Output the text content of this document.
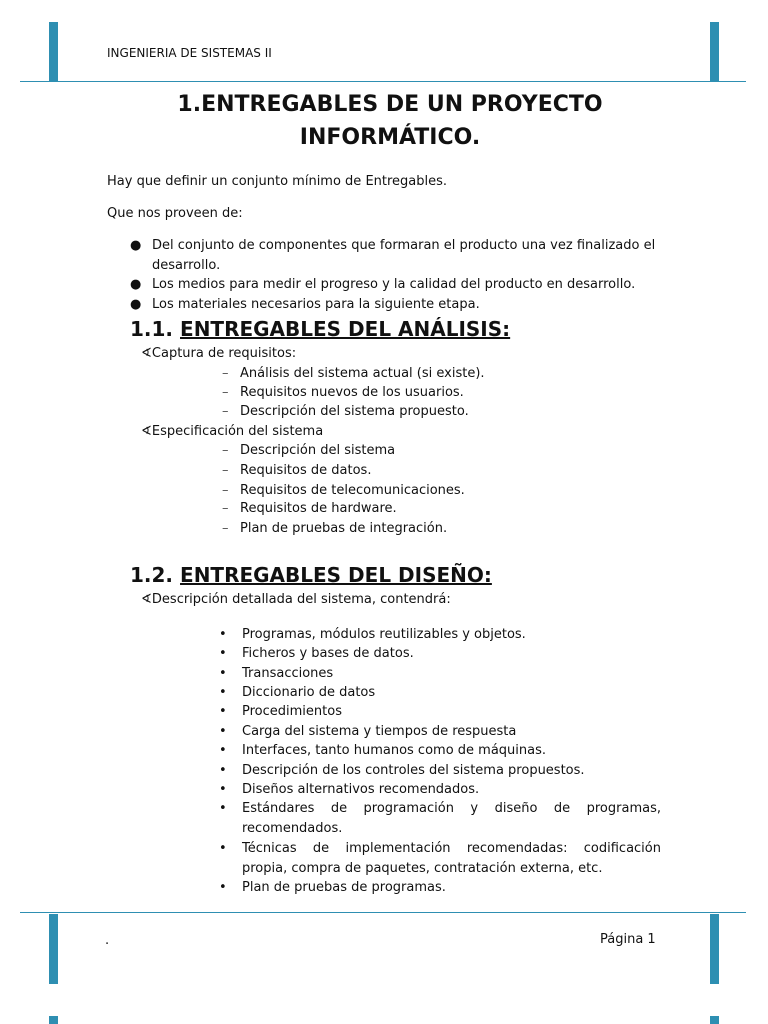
INGENIERIA DE SISTEMAS II
1.ENTREGABLES DE UN PROYECTO
INFORMÁTICO.
Hay que definir un conjunto mínimo de Entregables.
Que nos proveen de:
● Del conjunto de componentes que formaran el producto una vez finalizado el desarrollo.
● Los medios para medir el progreso y la calidad del producto en desarrollo.
● Los materiales necesarios para la siguiente etapa.
1.1. ENTREGABLES DEL ANÁLISIS:
∢Captura de requisitos:
– Análisis del sistema actual (si existe).
– Requisitos nuevos de los usuarios.
– Descripción del sistema propuesto.
∢Especificación del sistema
– Descripción del sistema
– Requisitos de datos.
– Requisitos de telecomunicaciones.
– Requisitos de hardware.
– Plan de pruebas de integración.
1.2. ENTREGABLES DEL DISEÑO:
∢Descripción detallada del sistema, contendrá:
• Programas, módulos reutilizables y objetos.
• Ficheros y bases de datos.
• Transacciones
• Diccionario de datos
• Procedimientos
• Carga del sistema y tiempos de respuesta
• Interfaces, tanto humanos como de máquinas.
• Descripción de los controles del sistema propuestos.
• Diseños alternativos recomendados.
• Estándares de programación y diseño de programas, recomendados.
• Técnicas de implementación recomendadas: codificación propia, compra de paquetes, contratación externa, etc.
• Plan de pruebas de programas.
.	Página 1
